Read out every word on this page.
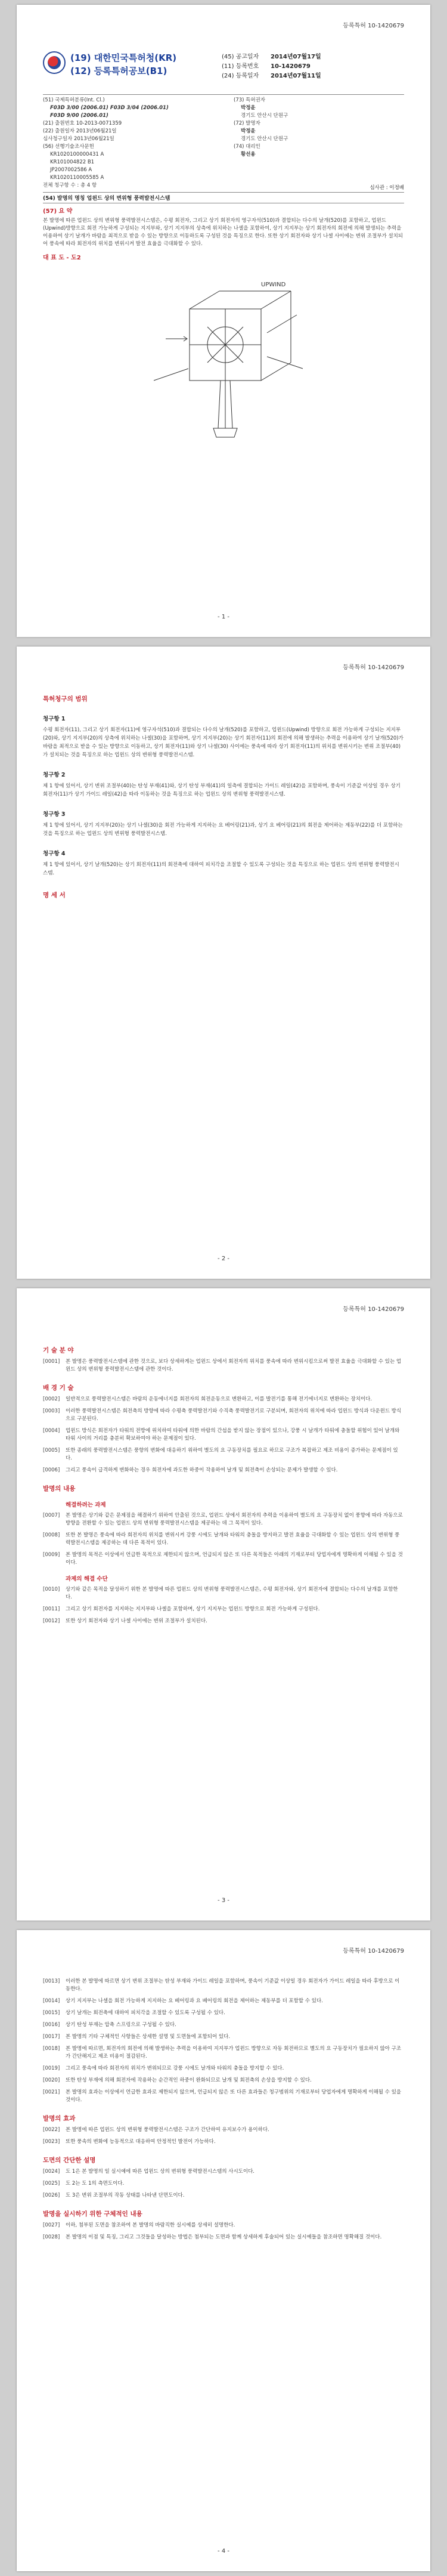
등록특허 10-1420679
(19) 대한민국특허청(KR)
(12) 등록특허공보(B1)
(45) 공고일자	2014년07월17일
(11) 등록번호	10-1420679
(24) 등록일자	2014년07월11일
(51) 국제특허분류(Int. Cl.)
F03D 3/00 (2006.01) F03D 3/04 (2006.01)
F03D 9/00 (2006.01)
(21) 출원번호 10-2013-0071359
(22) 출원일자 2013년06월21일
심사청구일자 2013년06월21일
(56) 선행기술조사문헌
KR1020100000431 A
KR101004822 B1
JP2007002586 A
KR1020110005585 A
전체 청구항 수 : 총 4 항
(73) 특허권자
박정윤
경기도 안산시 단원구
(72) 발명자
박정윤
경기도 안산시 단원구
(74) 대리인
황선용
심사관 : 이정배
(54) 발명의 명칭 업윈드 상의 변위형 풍력발전시스템
(57) 요 약
본 발명에 따른 업윈드 상의 변위형 풍력발전시스템은, 수평 회전자, 그리고 상기 회전자의 영구자석(510)과 결합되는 다수의 날개(520)를 포함하고, 업윈드(Upwind)방향으로 회전 가능하게 구성되는 지지부와, 상기 지지부의 상측에 위치하는 나셀을 포함하여, 상기 지지부는 상기 회전자의 회전에 의해 발생되는 추력을 이용하여 상기 날개가 바람을 최적으로 받을 수 있는 방향으로 이동하도록 구성된 것을 특징으로 한다. 또한 상기 회전자와 상기 나셀 사이에는 변위 조절부가 설치되어 풍속에 따라 회전자의 위치를 변위시켜 발전 효율을 극대화할 수 있다.
대 표 도 - 도2
UPWIND
- 1 -
등록특허 10-1420679
특허청구의 범위
청구항 1
수평 회전자(11), 그리고 상기 회전자(11)에 영구자석(510)과 결합되는 다수의 날개(520)를 포함하고, 업윈드(Upwind) 방향으로 회전 가능하게 구성되는 지지부(20)와, 상기 지지부(20)의 상측에 위치하는 나셀(30)을 포함하며, 상기 지지부(20)는 상기 회전자(11)의 회전에 의해 발생하는 추력을 이용하여 상기 날개(520)가 바람을 최적으로 받을 수 있는 방향으로 이동하고, 상기 회전자(11)와 상기 나셀(30) 사이에는 풍속에 따라 상기 회전자(11)의 위치를 변위시키는 변위 조절부(40)가 설치되는 것을 특징으로 하는 업윈드 상의 변위형 풍력발전시스템.
청구항 2
제 1 항에 있어서, 상기 변위 조절부(40)는 탄성 부재(41)와, 상기 탄성 부재(41)의 일측에 결합되는 가이드 레일(42)을 포함하며, 풍속이 기준값 이상일 경우 상기 회전자(11)가 상기 가이드 레일(42)을 따라 이동하는 것을 특징으로 하는 업윈드 상의 변위형 풍력발전시스템.
청구항 3
제 1 항에 있어서, 상기 지지부(20)는 상기 나셀(30)을 회전 가능하게 지지하는 요 베어링(21)과, 상기 요 베어링(21)의 회전을 제어하는 제동부(22)를 더 포함하는 것을 특징으로 하는 업윈드 상의 변위형 풍력발전시스템.
청구항 4
제 1 항에 있어서, 상기 날개(520)는 상기 회전자(11)의 회전축에 대하여 피치각을 조절할 수 있도록 구성되는 것을 특징으로 하는 업윈드 상의 변위형 풍력발전시스템.
명 세 서
- 2 -
등록특허 10-1420679
기 술 분 야
[0001]	본 발명은 풍력발전시스템에 관한 것으로, 보다 상세하게는 업윈드 상에서 회전자의 위치를 풍속에 따라 변위시킴으로써 발전 효율을 극대화할 수 있는 업윈드 상의 변위형 풍력발전시스템에 관한 것이다.
배 경 기 술
[0002]	일반적으로 풍력발전시스템은 바람의 운동에너지를 회전자의 회전운동으로 변환하고, 이를 발전기를 통해 전기에너지로 변환하는 장치이다.
[0003]	이러한 풍력발전시스템은 회전축의 방향에 따라 수평축 풍력발전기와 수직축 풍력발전기로 구분되며, 회전자의 위치에 따라 업윈드 방식과 다운윈드 방식으로 구분된다.
[0004]	업윈드 방식은 회전자가 타워의 전방에 위치하여 타워에 의한 바람의 간섭을 받지 않는 장점이 있으나, 강풍 시 날개가 타워에 충돌할 위험이 있어 날개와 타워 사이의 거리를 충분히 확보하여야 하는 문제점이 있다.
[0005]	또한 종래의 풍력발전시스템은 풍향의 변화에 대응하기 위하여 별도의 요 구동장치를 필요로 하므로 구조가 복잡하고 제조 비용이 증가하는 문제점이 있다.
[0006]	그리고 풍속이 급격하게 변화하는 경우 회전자에 과도한 하중이 작용하여 날개 및 회전축이 손상되는 문제가 발생할 수 있다.
발명의 내용
해결하려는 과제
[0007]	본 발명은 상기와 같은 문제점을 해결하기 위하여 안출된 것으로, 업윈드 상에서 회전자의 추력을 이용하여 별도의 요 구동장치 없이 풍향에 따라 자동으로 방향을 전환할 수 있는 업윈드 상의 변위형 풍력발전시스템을 제공하는 데 그 목적이 있다.
[0008]	또한 본 발명은 풍속에 따라 회전자의 위치를 변위시켜 강풍 시에도 날개와 타워의 충돌을 방지하고 발전 효율을 극대화할 수 있는 업윈드 상의 변위형 풍력발전시스템을 제공하는 데 다른 목적이 있다.
[0009]	본 발명의 목적은 이상에서 언급한 목적으로 제한되지 않으며, 언급되지 않은 또 다른 목적들은 아래의 기재로부터 당업자에게 명확하게 이해될 수 있을 것이다.
과제의 해결 수단
[0010]	상기와 같은 목적을 달성하기 위한 본 발명에 따른 업윈드 상의 변위형 풍력발전시스템은, 수평 회전자와, 상기 회전자에 결합되는 다수의 날개를 포함한다.
[0011]	그리고 상기 회전자를 지지하는 지지부와 나셀을 포함하며, 상기 지지부는 업윈드 방향으로 회전 가능하게 구성된다.
[0012]	또한 상기 회전자와 상기 나셀 사이에는 변위 조절부가 설치된다.
- 3 -
등록특허 10-1420679
[0013]	이러한 본 발명에 따르면 상기 변위 조절부는 탄성 부재와 가이드 레일을 포함하며, 풍속이 기준값 이상일 경우 회전자가 가이드 레일을 따라 후방으로 이동한다.
[0014]	상기 지지부는 나셀을 회전 가능하게 지지하는 요 베어링과 요 베어링의 회전을 제어하는 제동부를 더 포함할 수 있다.
[0015]	상기 날개는 회전축에 대하여 피치각을 조절할 수 있도록 구성될 수 있다.
[0016]	상기 탄성 부재는 압축 스프링으로 구성될 수 있다.
[0017]	본 발명의 기타 구체적인 사항들은 상세한 설명 및 도면들에 포함되어 있다.
[0018]	본 발명에 따르면, 회전자의 회전에 의해 발생하는 추력을 이용하여 지지부가 업윈드 방향으로 자동 회전하므로 별도의 요 구동장치가 필요하지 않아 구조가 간단해지고 제조 비용이 절감된다.
[0019]	그리고 풍속에 따라 회전자의 위치가 변위되므로 강풍 시에도 날개와 타워의 충돌을 방지할 수 있다.
[0020]	또한 탄성 부재에 의해 회전자에 작용하는 순간적인 하중이 완화되므로 날개 및 회전축의 손상을 방지할 수 있다.
[0021]	본 발명의 효과는 이상에서 언급한 효과로 제한되지 않으며, 언급되지 않은 또 다른 효과들은 청구범위의 기재로부터 당업자에게 명확하게 이해될 수 있을 것이다.
발명의 효과
[0022]	본 발명에 따른 업윈드 상의 변위형 풍력발전시스템은 구조가 간단하여 유지보수가 용이하다.
[0023]	또한 풍속의 변화에 능동적으로 대응하여 안정적인 발전이 가능하다.
도면의 간단한 설명
[0024]	도 1은 본 발명의 일 실시예에 따른 업윈드 상의 변위형 풍력발전시스템의 사시도이다.
[0025]	도 2는 도 1의 측면도이다.
[0026]	도 3은 변위 조절부의 작동 상태를 나타낸 단면도이다.
발명을 실시하기 위한 구체적인 내용
[0027]	이하, 첨부된 도면을 참조하여 본 발명의 바람직한 실시예를 상세히 설명한다.
[0028]	본 발명의 이점 및 특징, 그리고 그것들을 달성하는 방법은 첨부되는 도면과 함께 상세하게 후술되어 있는 실시예들을 참조하면 명확해질 것이다.
- 4 -
